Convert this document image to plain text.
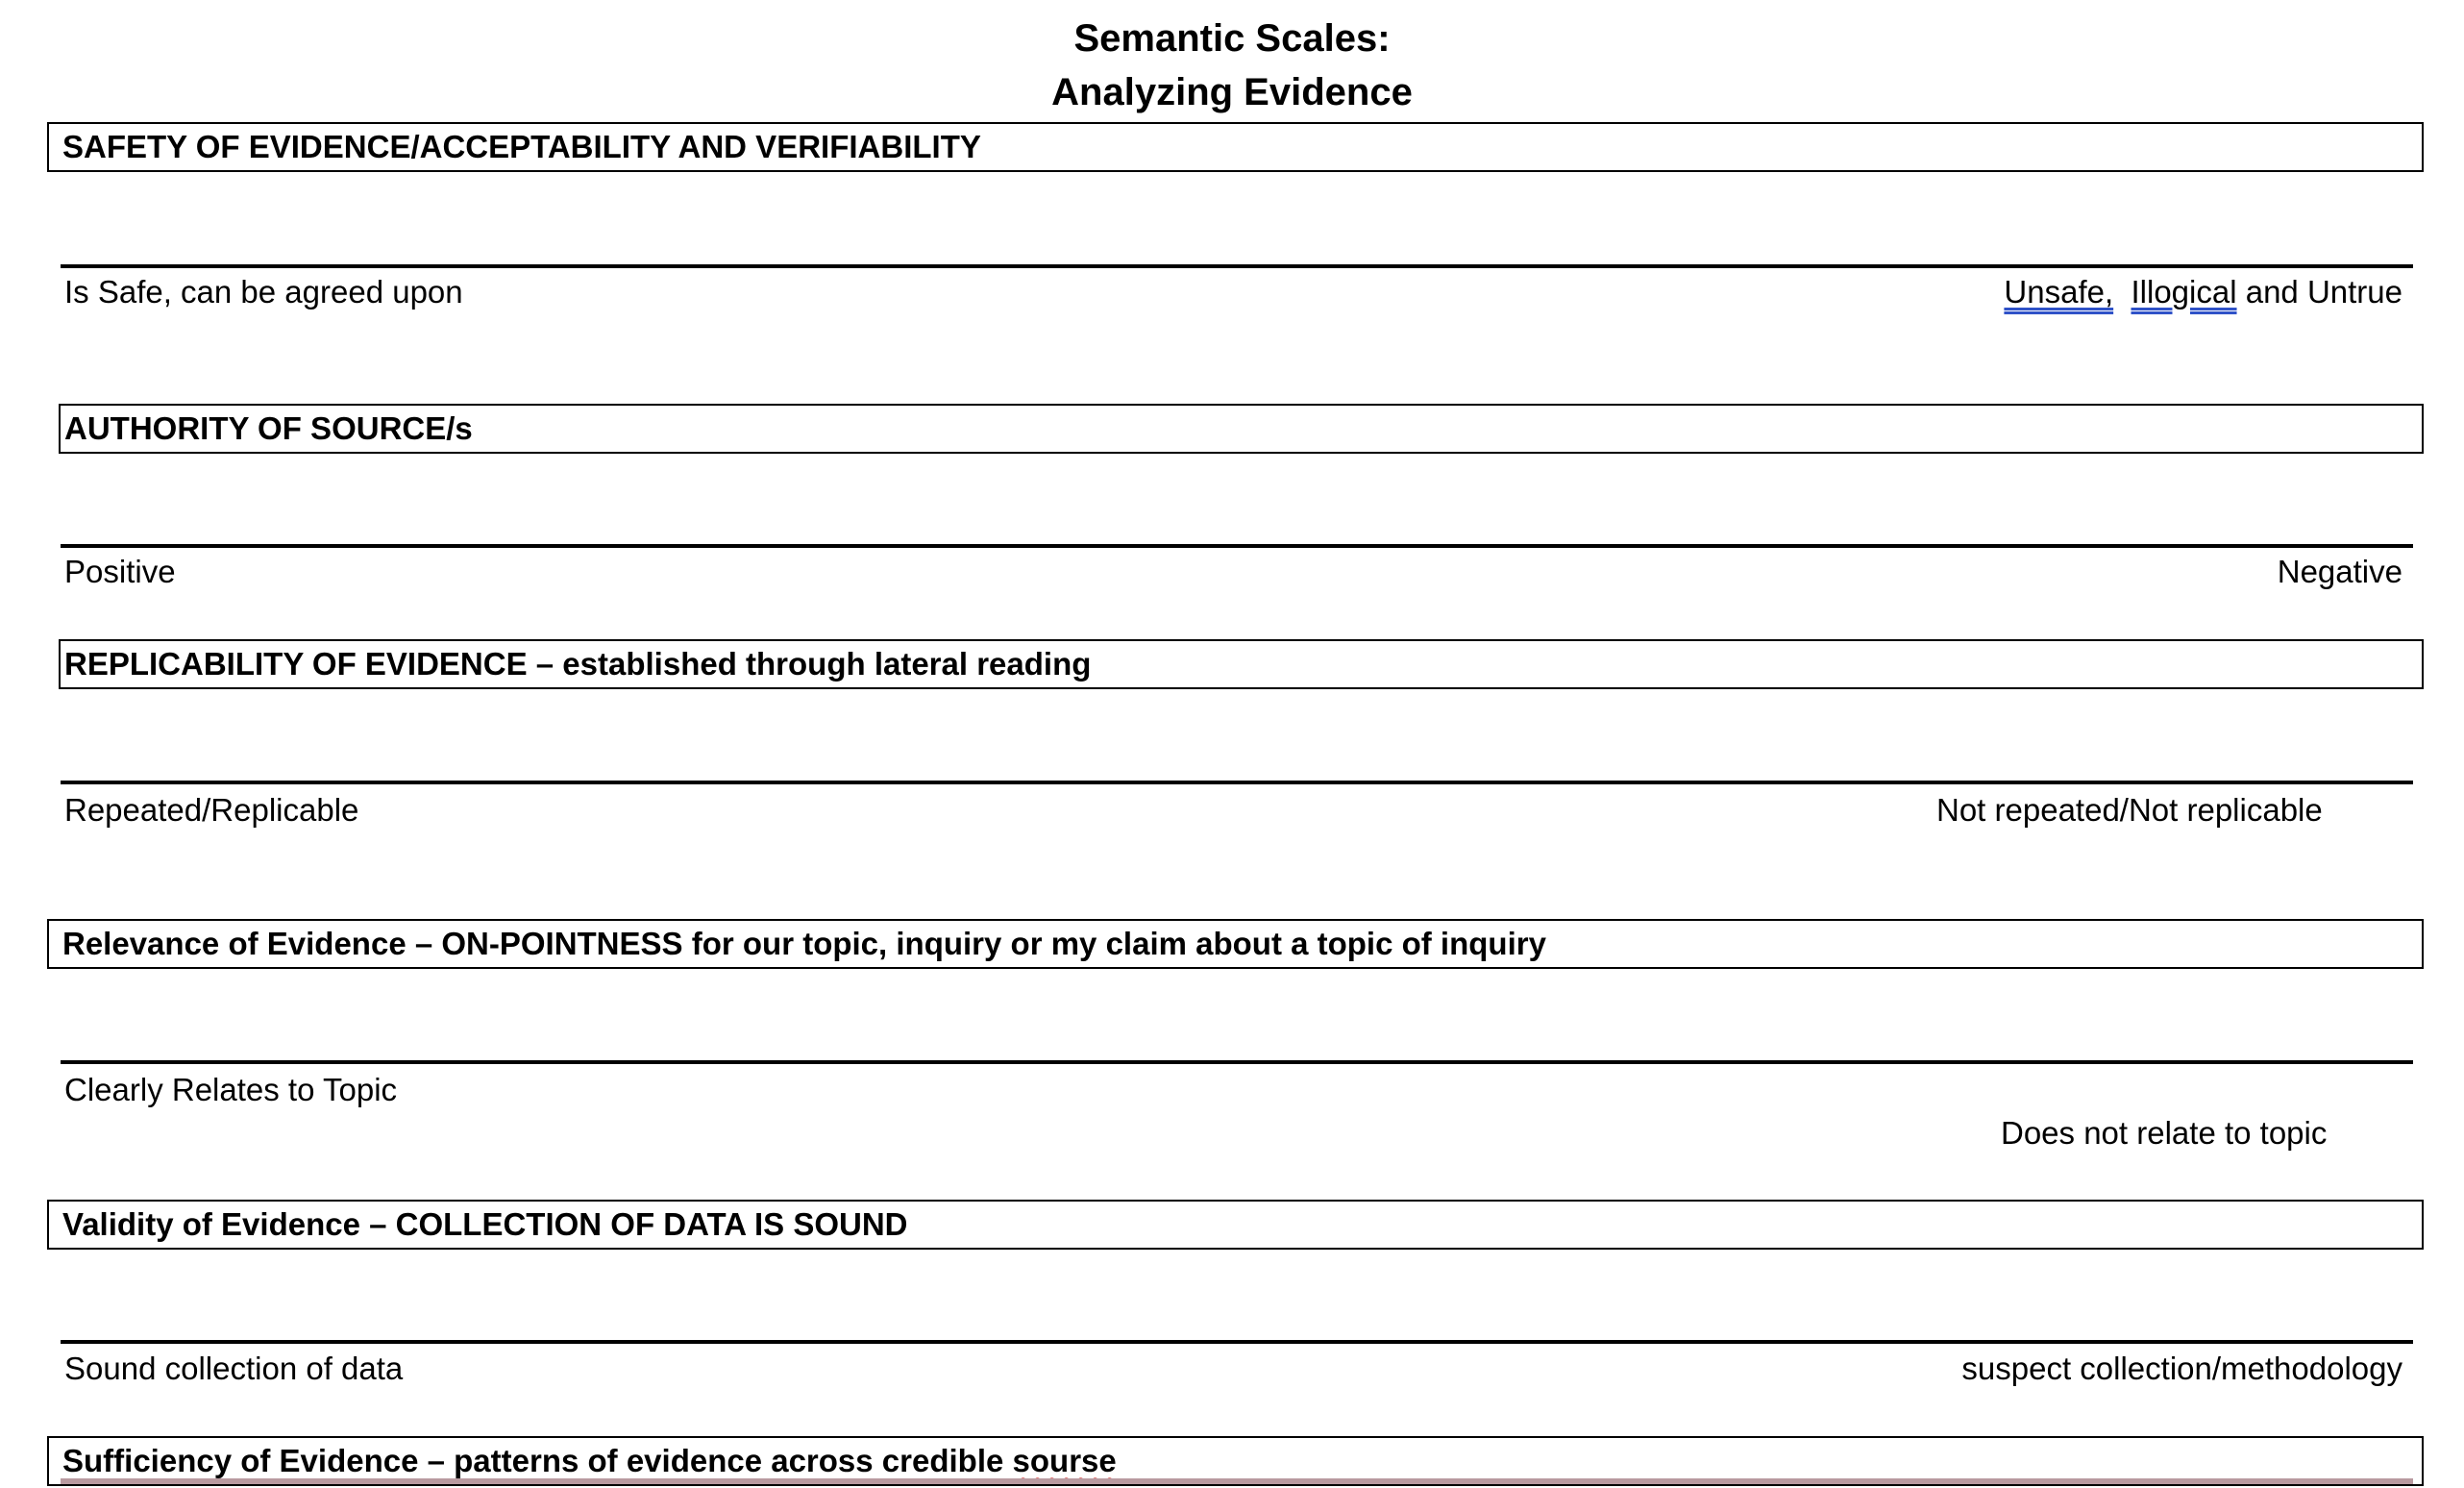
Semantic Scales:
Analyzing Evidence
SAFETY OF EVIDENCE/ACCEPTABILITY AND VERIFIABILITY
Is Safe, can be agreed upon	Unsafe, Illogical and Untrue
AUTHORITY OF SOURCE/s
Positive	Negative
REPLICABILITY OF EVIDENCE – established through lateral reading
Repeated/Replicable	Not repeated/Not replicable
Relevance of Evidence – ON-POINTNESS for our topic, inquiry or my claim about a topic of inquiry
Clearly Relates to Topic
Does not relate to topic
Validity of Evidence – COLLECTION OF DATA IS SOUND
Sound collection of data	suspect collection/methodology
Sufficiency of Evidence – patterns of evidence across credible sourse
